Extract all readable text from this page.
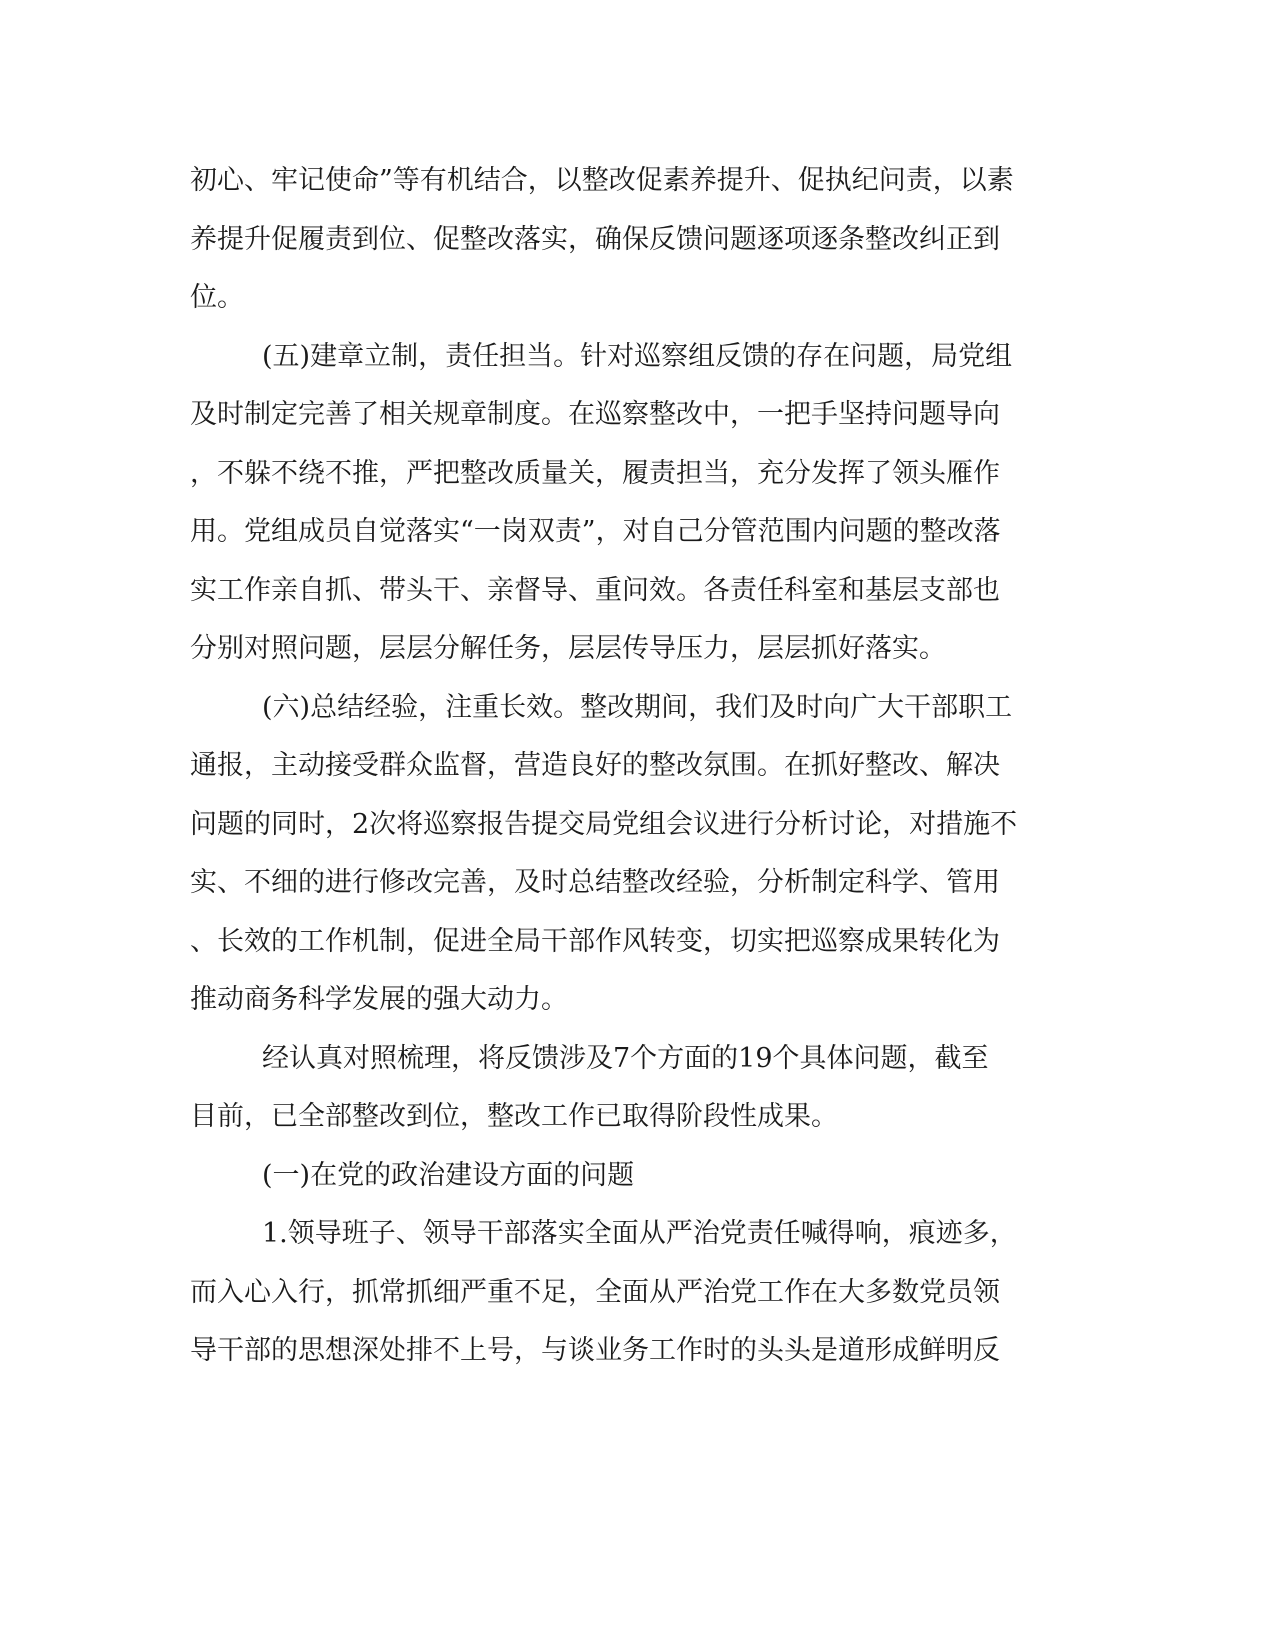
初心、牢记使命”等有机结合，以整改促素养提升、促执纪问责，以素
养提升促履责到位、促整改落实，确保反馈问题逐项逐条整改纠正到
位。
(五)建章立制，责任担当。针对巡察组反馈的存在问题，局党组
及时制定完善了相关规章制度。在巡察整改中，一把手坚持问题导向
，不躲不绕不推，严把整改质量关，履责担当，充分发挥了领头雁作
用。党组成员自觉落实“一岗双责”，对自己分管范围内问题的整改落
实工作亲自抓、带头干、亲督导、重问效。各责任科室和基层支部也
分别对照问题，层层分解任务，层层传导压力，层层抓好落实。
(六)总结经验，注重长效。整改期间，我们及时向广大干部职工
通报，主动接受群众监督，营造良好的整改氛围。在抓好整改、解决
问题的同时，2次将巡察报告提交局党组会议进行分析讨论，对措施不
实、不细的进行修改完善，及时总结整改经验，分析制定科学、管用
、长效的工作机制，促进全局干部作风转变，切实把巡察成果转化为
推动商务科学发展的强大动力。
经认真对照梳理，将反馈涉及7个方面的19个具体问题，截至
目前，已全部整改到位，整改工作已取得阶段性成果。
(一)在党的政治建设方面的问题
1.领导班子、领导干部落实全面从严治党责任喊得响，痕迹多，
而入心入行，抓常抓细严重不足，全面从严治党工作在大多数党员领
导干部的思想深处排不上号，与谈业务工作时的头头是道形成鲜明反
